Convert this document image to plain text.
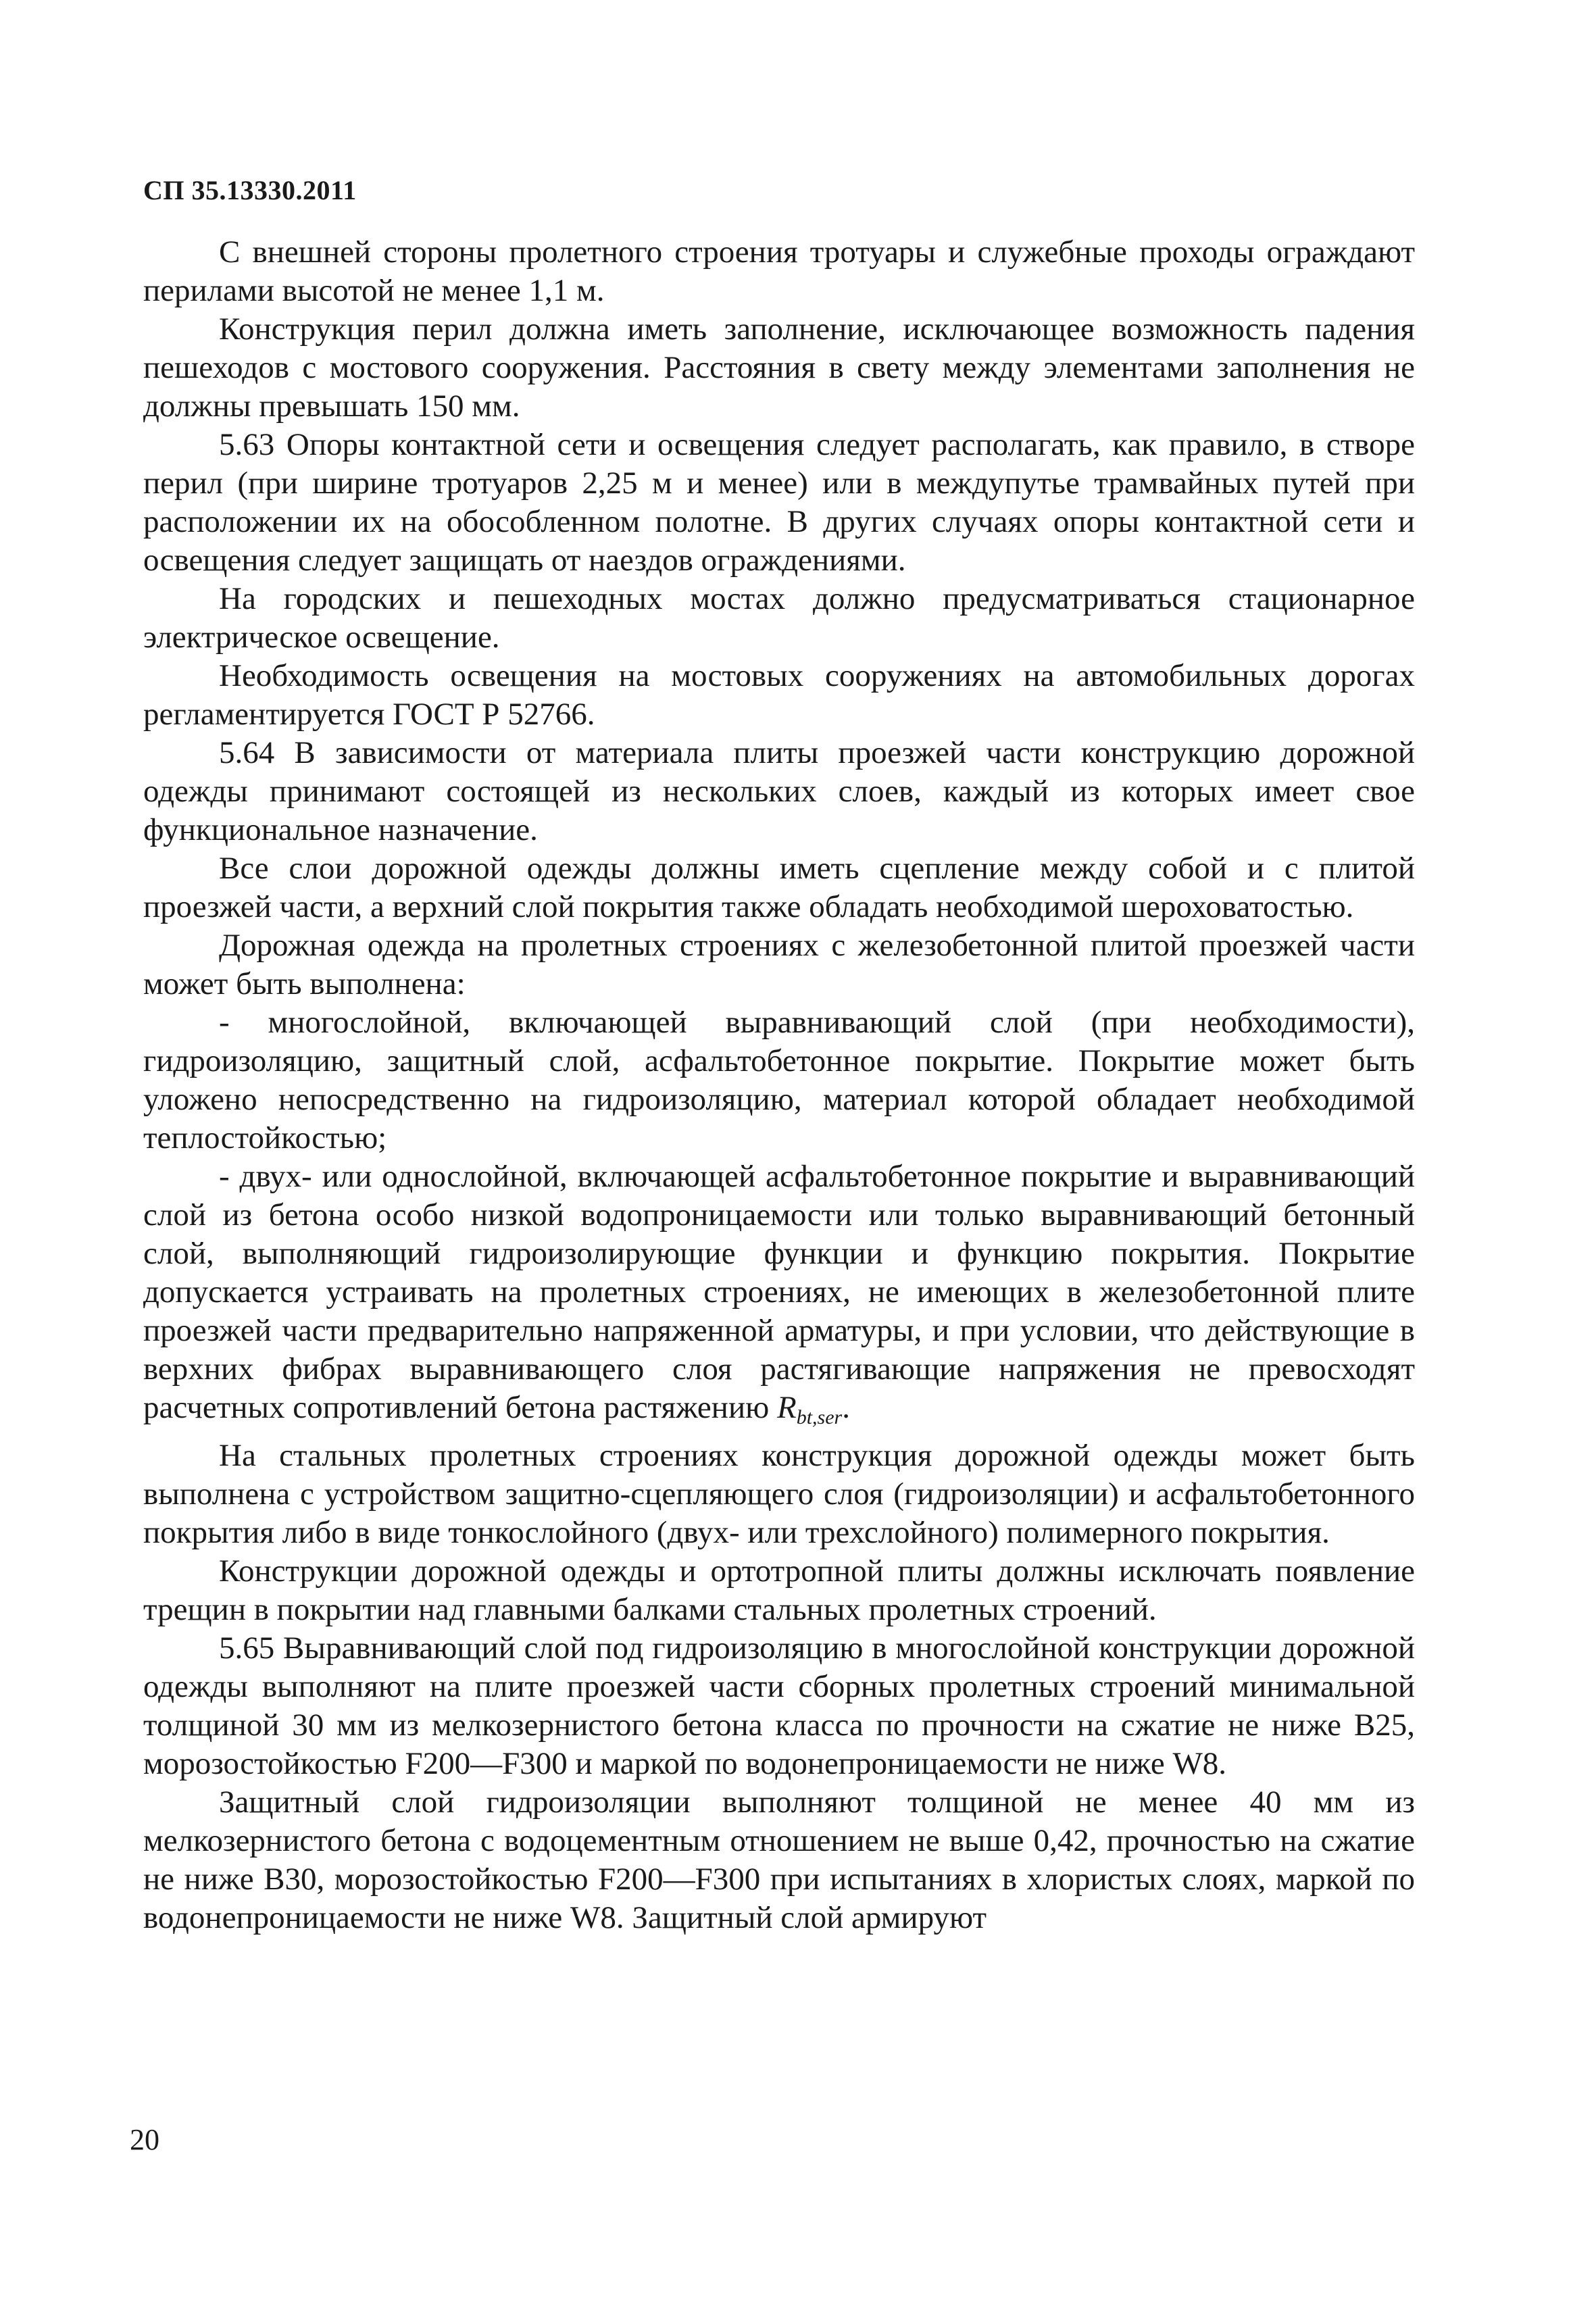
СП 35.13330.2011

С внешней стороны пролетного строения тротуары и служебные проходы ограждают перилами высотой не менее 1,1 м.

Конструкция перил должна иметь заполнение, исключающее возможность падения пешеходов с мостового сооружения. Расстояния в свету между элементами заполнения не должны превышать 150 мм.

5.63 Опоры контактной сети и освещения следует располагать, как правило, в створе перил (при ширине тротуаров 2,25 м и менее) или в междупутье трамвайных путей при расположении их на обособленном полотне. В других случаях опоры контактной сети и освещения следует защищать от наездов ограждениями.

На городских и пешеходных мостах должно предусматриваться стационарное электрическое освещение.

Необходимость освещения на мостовых сооружениях на автомобильных дорогах регламентируется ГОСТ Р 52766.

5.64 В зависимости от материала плиты проезжей части конструкцию дорожной одежды принимают состоящей из нескольких слоев, каждый из которых имеет свое функциональное назначение.

Все слои дорожной одежды должны иметь сцепление между собой и с плитой проезжей части, а верхний слой покрытия также обладать необходимой шероховатостью.

Дорожная одежда на пролетных строениях с железобетонной плитой проезжей части может быть выполнена:

- многослойной, включающей выравнивающий слой (при необходимости), гидроизоляцию, защитный слой, асфальтобетонное покрытие. Покрытие может быть уложено непосредственно на гидроизоляцию, материал которой обладает необходимой теплостойкостью;

- двух- или однослойной, включающей асфальтобетонное покрытие и выравнивающий слой из бетона особо низкой водопроницаемости или только выравнивающий бетонный слой, выполняющий гидроизолирующие функции и функцию покрытия. Покрытие допускается устраивать на пролетных строениях, не имеющих в железобетонной плите проезжей части предварительно напряженной арматуры, и при условии, что действующие в верхних фибрах выравнивающего слоя растягивающие напряжения не превосходят расчетных сопротивлений бетона растяжению $R_{bt,ser}$.

На стальных пролетных строениях конструкция дорожной одежды может быть выполнена с устройством защитно-сцепляющего слоя (гидроизоляции) и асфальтобетонного покрытия либо в виде тонкослойного (двух- или трехслойного) полимерного покрытия.

Конструкции дорожной одежды и ортотропной плиты должны исключать появление трещин в покрытии над главными балками стальных пролетных строений.

5.65 Выравнивающий слой под гидроизоляцию в многослойной конструкции дорожной одежды выполняют на плите проезжей части сборных пролетных строений минимальной толщиной 30 мм из мелкозернистого бетона класса по прочности на сжатие не ниже B25, морозостойкостью F200—F300 и маркой по водонепроницаемости не ниже W8.

Защитный слой гидроизоляции выполняют толщиной не менее 40 мм из мелкозернистого бетона с водоцементным отношением не выше 0,42, прочностью на сжатие не ниже B30, морозостойкостью F200—F300 при испытаниях в хлористых слоях, маркой по водонепроницаемости не ниже W8. Защитный слой армируют

20
